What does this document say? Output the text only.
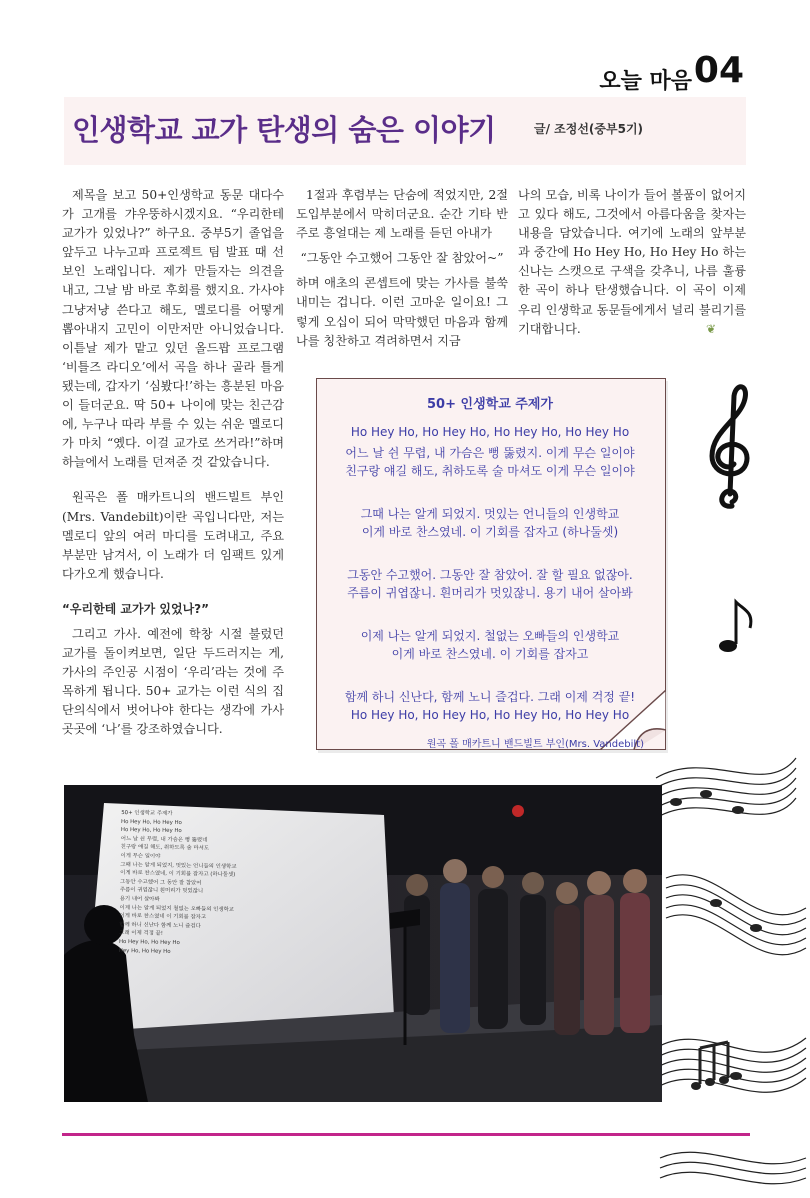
오늘 마음 04
인생학교 교가 탄생의 숨은 이야기	글/ 조정선(중부5기)

제목을 보고 50+인생학교 동문 대다수가 고개를 갸우뚱하시겠지요. “우리한테 교가가 있었나?” 하구요. 중부5기 졸업을 앞두고 나누고파 프로젝트 팀 발표 때 선보인 노래입니다. 제가 만들자는 의견을 내고, 그날 밤 바로 후회를 했지요. 가사야 그냥저냥 쓴다고 해도, 멜로디를 어떻게 뽑아내지 고민이 이만저만 아니었습니다. 이튿날 제가 맡고 있던 올드팝 프로그램 ‘비틀즈 라디오’에서 곡을 하나 골라 틀게 됐는데, 갑자기 ‘심봤다!’하는 흥분된 마음이 들더군요. 딱 50+ 나이에 맞는 친근감에, 누구나 따라 부를 수 있는 쉬운 멜로디가 마치 “옜다. 이걸 교가로 쓰거라!”하며 하늘에서 노래를 던져준 것 같았습니다.

원곡은 폴 매카트니의 밴드빌트 부인(Mrs. Vandebilt)이란 곡입니다만, 저는 멜로디 앞의 여러 마디를 도려내고, 주요 부분만 남겨서, 이 노래가 더 임팩트 있게 다가오게 했습니다.

“우리한테 교가가 있었나?”

그리고 가사. 예전에 학창 시절 불렀던 교가를 돌이켜보면, 일단 두드러지는 게, 가사의 주인공 시점이 ‘우리’라는 것에 주목하게 됩니다. 50+ 교가는 이런 식의 집단의식에서 벗어나야 한다는 생각에 가사 곳곳에 ‘나’를 강조하였습니다.

1절과 후렴부는 단숨에 적었지만, 2절 도입부분에서 막히더군요. 순간 기타 반주로 흥얼대는 제 노래를 듣던 아내가

“그동안 수고했어 그동안 잘 참았어~”

하며 애초의 콘셉트에 맞는 가사를 불쑥 내미는 겁니다. 이런 고마운 일이요! 그렇게 오십이 되어 막막했던 마음과 함께 나를 칭찬하고 격려하면서 지금

나의 모습, 비록 나이가 들어 볼품이 없어지고 있다 해도, 그것에서 아름다움을 찾자는 내용을 담았습니다. 여기에 노래의 앞부분과 중간에 Ho Hey Ho, Ho Hey Ho 하는 신나는 스캣으로 구색을 갖추니, 나름 훌륭한 곡이 하나 탄생했습니다. 이 곡이 이제 우리 인생학교 동문들에게서 널리 불리기를 기대합니다.	❦
50+ 인생학교 주제가
Ho Hey Ho, Ho Hey Ho, Ho Hey Ho, Ho Hey Ho
어느 날 쉰 무렵, 내 가슴은 뻥 뚫렸지. 이게 무슨 일이야
친구랑 얘길 해도, 취하도록 술 마셔도 이게 무슨 일이야
그때 나는 알게 되었지. 멋있는 언니들의 인생학교
이게 바로 찬스였네. 이 기회를 잡자고 (하나둘셋)
그동안 수고했어. 그동안 잘 참았어. 잘 할 필요 없잖아.
주름이 귀엽잖니. 흰머리가 멋있잖니. 용기 내어 살아봐
이제 나는 알게 되었지. 철없는 오빠들의 인생학교
이게 바로 찬스였네. 이 기회를 잡자고
함께 하니 신난다, 함께 노니 즐겁다. 그래 이제 걱정 끝!
Ho Hey Ho, Ho Hey Ho, Ho Hey Ho, Ho Hey Ho
원곡 폴 매카트니 밴드빌트 부인(Mrs. Vandebilt)
50+ 인생학교 주제가
Ho Hey Ho, Ho Hey Ho
Ho Hey Ho, Ho Hey Ho
어느 날 쉰 무렵, 내 가슴은 뻥 뚫렸네
친구랑 얘길 해도, 취하도록 술 마셔도
이게 무슨 일이야
그때 나는 알게 되었지, 멋있는 언니들의 인생학교
이게 바로 찬스였네, 이 기회를 잡자고 (하나둘셋)
그동안 수고했어 그 동안 잘 참았어
주름이 귀엽잖니 흰머리가 멋있잖니
용기 내어 살아봐
이제 나는 알게 되었지 철없는 오빠들의 인생학교
이게 바로 찬스였네 이 기회를 잡자고
함께 하니 신난다 함께 노니 즐겁다
그래 이제 걱정 끝!
Ho Hey Ho, Ho Hey Ho
Hey Ho, Ho Hey Ho
